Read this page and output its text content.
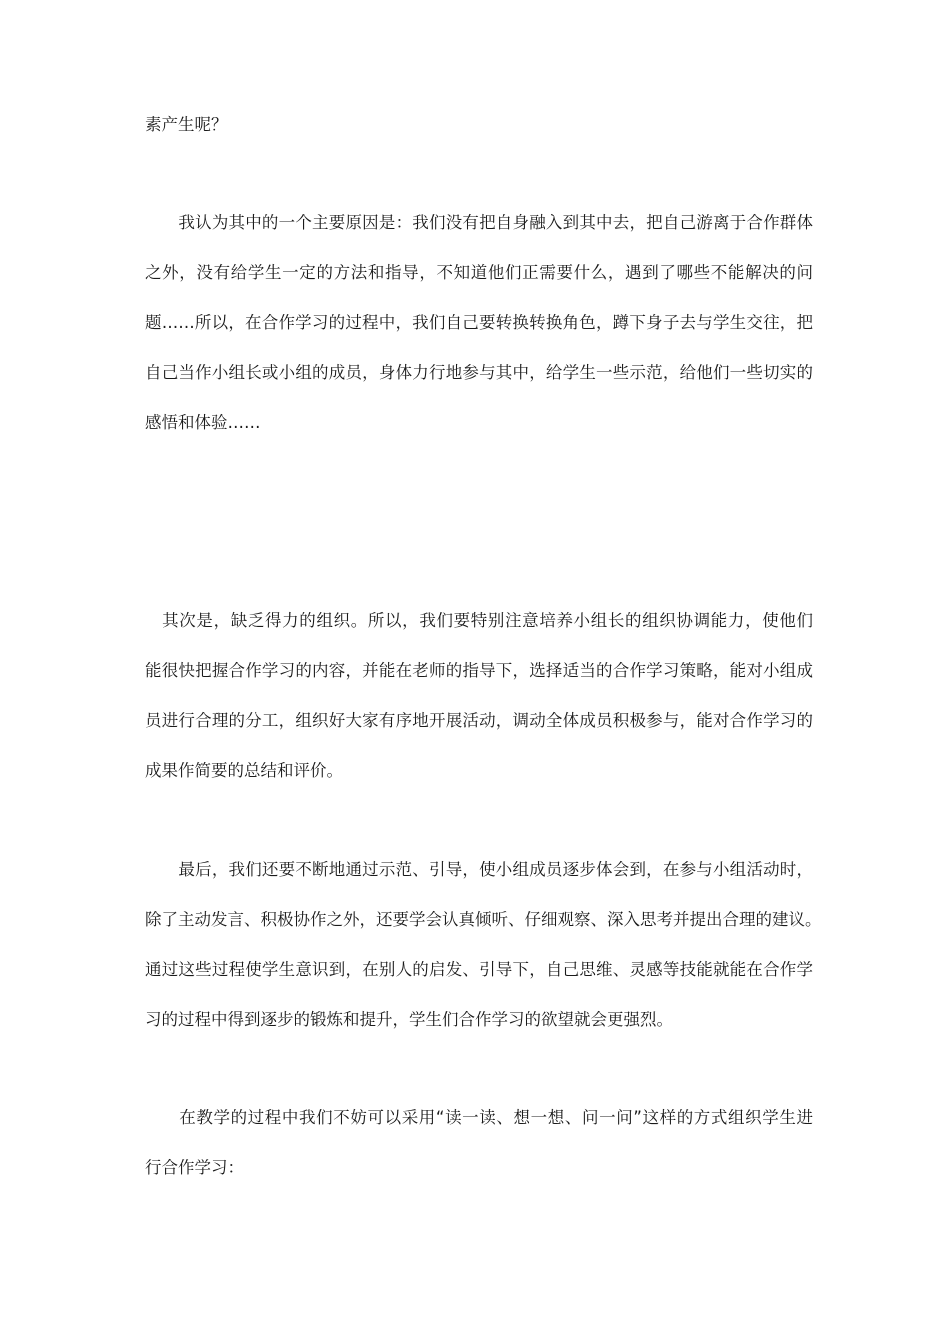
素产生呢？
　　我认为其中的一个主要原因是：我们没有把自身融入到其中去，把自己游离于合作群体
之外，没有给学生一定的方法和指导，不知道他们正需要什么，遇到了哪些不能解决的问
题……所以，在合作学习的过程中，我们自己要转换转换角色，蹲下身子去与学生交往，把
自己当作小组长或小组的成员，身体力行地参与其中，给学生一些示范，给他们一些切实的
感悟和体验……
　其次是，缺乏得力的组织。所以，我们要特别注意培养小组长的组织协调能力，使他们
能很快把握合作学习的内容，并能在老师的指导下，选择适当的合作学习策略，能对小组成
员进行合理的分工，组织好大家有序地开展活动，调动全体成员积极参与，能对合作学习的
成果作简要的总结和评价。
　　最后，我们还要不断地通过示范、引导，使小组成员逐步体会到，在参与小组活动时，
除了主动发言、积极协作之外，还要学会认真倾听、仔细观察、深入思考并提出合理的建议。
通过这些过程使学生意识到，在别人的启发、引导下，自己思维、灵感等技能就能在合作学
习的过程中得到逐步的锻炼和提升，学生们合作学习的欲望就会更强烈。
　　在教学的过程中我们不妨可以采用“读一读、想一想、问一问”这样的方式组织学生进
行合作学习：
